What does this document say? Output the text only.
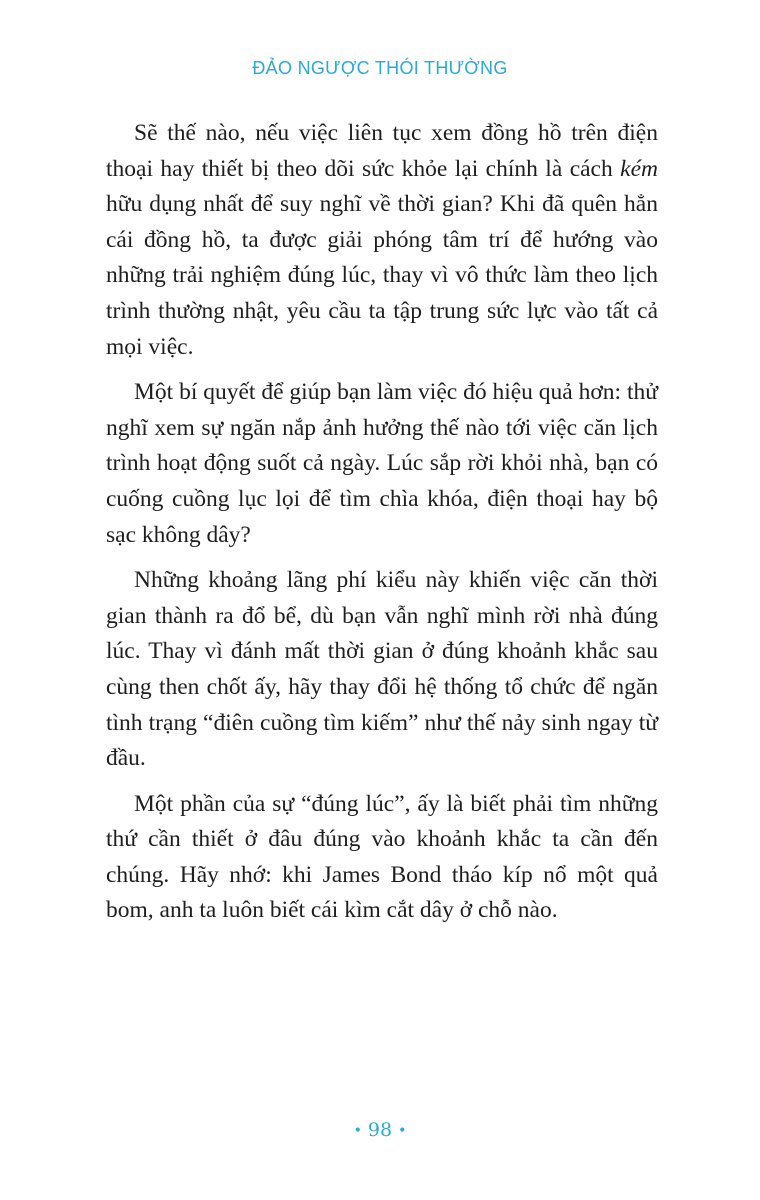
ĐẢO NGƯỢC THÓI THƯỜNG

Sẽ thế nào, nếu việc liên tục xem đồng hồ trên điện thoại hay thiết bị theo dõi sức khỏe lại chính là cách kém hữu dụng nhất để suy nghĩ về thời gian? Khi đã quên hẳn cái đồng hồ, ta được giải phóng tâm trí để hướng vào những trải nghiệm đúng lúc, thay vì vô thức làm theo lịch trình thường nhật, yêu cầu ta tập trung sức lực vào tất cả mọi việc.

Một bí quyết để giúp bạn làm việc đó hiệu quả hơn: thử nghĩ xem sự ngăn nắp ảnh hưởng thế nào tới việc căn lịch trình hoạt động suốt cả ngày. Lúc sắp rời khỏi nhà, bạn có cuống cuồng lục lọi để tìm chìa khóa, điện thoại hay bộ sạc không dây?

Những khoảng lãng phí kiểu này khiến việc căn thời gian thành ra đổ bể, dù bạn vẫn nghĩ mình rời nhà đúng lúc. Thay vì đánh mất thời gian ở đúng khoảnh khắc sau cùng then chốt ấy, hãy thay đổi hệ thống tổ chức để ngăn tình trạng “điên cuồng tìm kiếm” như thế nảy sinh ngay từ đầu.

Một phần của sự “đúng lúc”, ấy là biết phải tìm những thứ cần thiết ở đâu đúng vào khoảnh khắc ta cần đến chúng. Hãy nhớ: khi James Bond tháo kíp nổ một quả bom, anh ta luôn biết cái kìm cắt dây ở chỗ nào.

• 98 •
